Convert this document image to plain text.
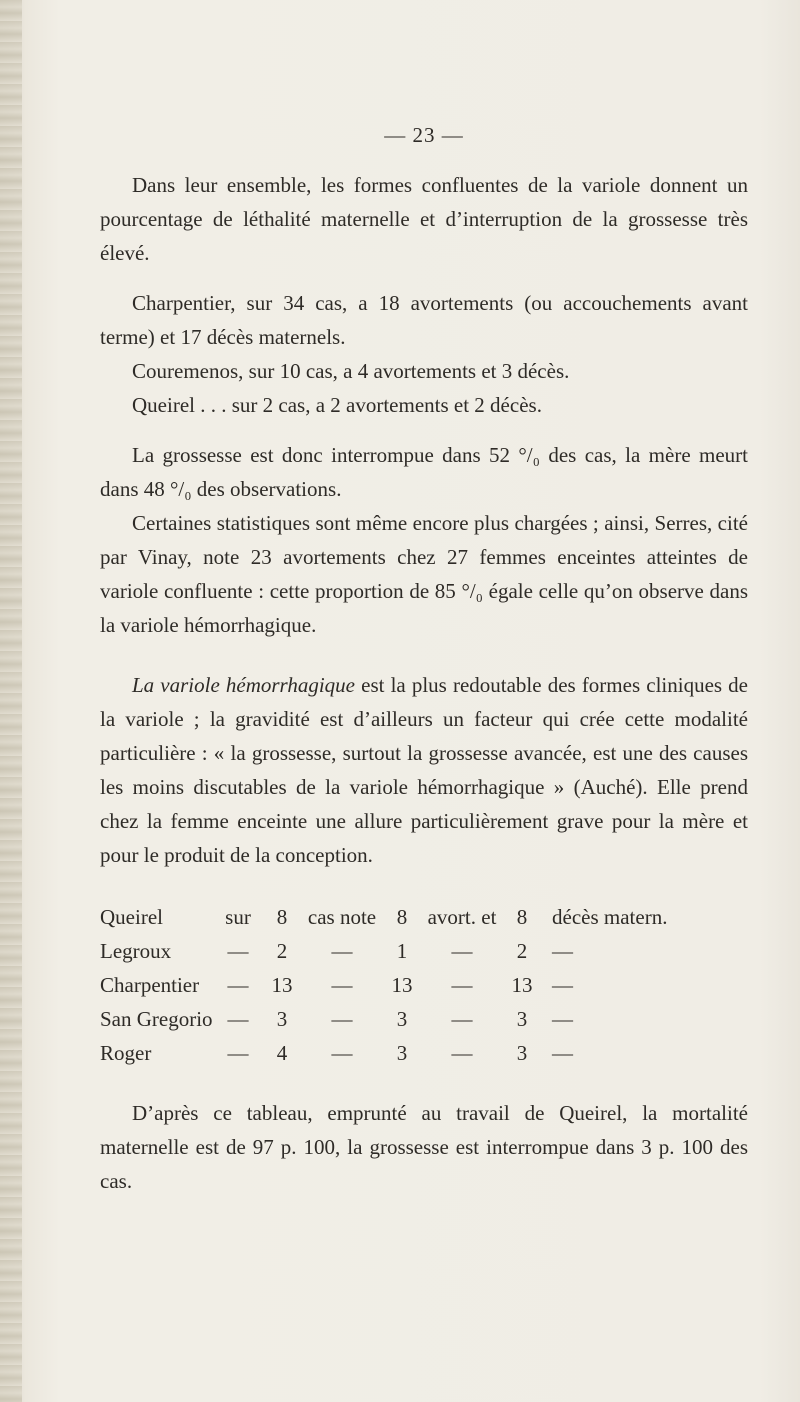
— 23 —

Dans leur ensemble, les formes confluentes de la variole donnent un pourcentage de léthalité maternelle et d’interruption de la grossesse très élevé.

Charpentier, sur 34 cas, a 18 avortements (ou accouchements avant terme) et 17 décès maternels.

Couremenos, sur 10 cas, a 4 avortements et 3 décès.

Queirel . . . sur 2 cas, a 2 avortements et 2 décès.

La grossesse est donc interrompue dans 52 °/₀ des cas, la mère meurt dans 48 °/₀ des observations.

Certaines statistiques sont même encore plus chargées ; ainsi, Serres, cité par Vinay, note 23 avortements chez 27 femmes enceintes atteintes de variole confluente : cette proportion de 85 °/₀ égale celle qu’on observe dans la variole hémorrhagique.

La variole hémorrhagique est la plus redoutable des formes cliniques de la variole ; la gravidité est d’ailleurs un facteur qui crée cette modalité particulière : « la grossesse, surtout la grossesse avancée, est une des causes les moins discutables de la variole hémorrhagique » (Auché). Elle prend chez la femme enceinte une allure particulièrement grave pour la mère et pour le produit de la conception.

Queirel	sur	8	cas note	8	avort. et	8	décès matern.
Legroux	—	2	—	1	—	2	—
Charpentier	—	13	—	13	—	13	—
San Gregorio	—	3	—	3	—	3	—
Roger	—	4	—	3	—	3	—

D’après ce tableau, emprunté au travail de Queirel, la mortalité maternelle est de 97 p. 100, la grossesse est interrompue dans 3 p. 100 des cas.
